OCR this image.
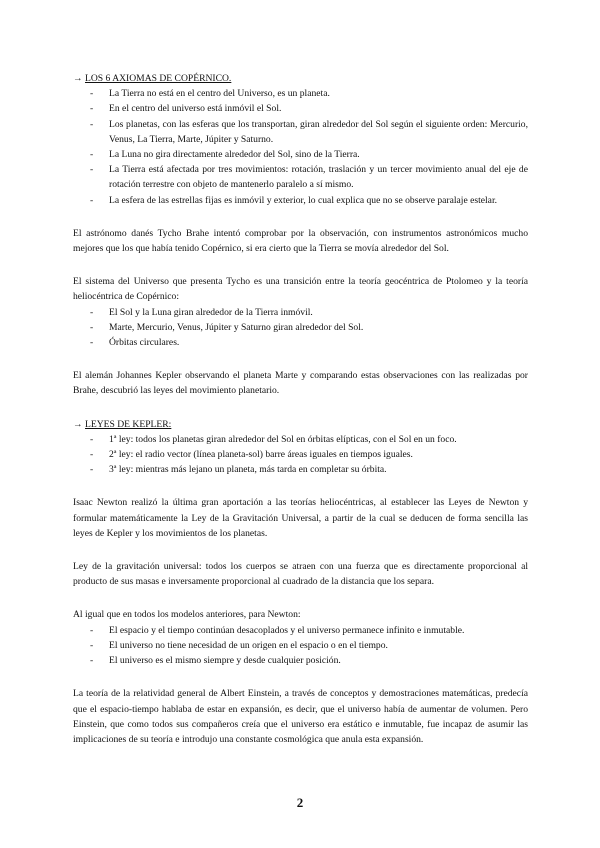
→ LOS 6 AXIOMAS DE COPÉRNICO.
- La Tierra no está en el centro del Universo, es un planeta.
- En el centro del universo está inmóvil el Sol.
- Los planetas, con las esferas que los transportan, giran alrededor del Sol según el siguiente orden: Mercurio, Venus, La Tierra, Marte, Júpiter y Saturno.
- La Luna no gira directamente alrededor del Sol, sino de la Tierra.
- La Tierra está afectada por tres movimientos: rotación, traslación y un tercer movimiento anual del eje de rotación terrestre con objeto de mantenerlo paralelo a sí mismo.
- La esfera de las estrellas fijas es inmóvil y exterior, lo cual explica que no se observe paralaje estelar.

El astrónomo danés Tycho Brahe intentó comprobar por la observación, con instrumentos astronómicos mucho mejores que los que había tenido Copérnico, si era cierto que la Tierra se movía alrededor del Sol.

El sistema del Universo que presenta Tycho es una transición entre la teoría geocéntrica de Ptolomeo y la teoría heliocéntrica de Copérnico:

- El Sol y la Luna giran alrededor de la Tierra inmóvil.
- Marte, Mercurio, Venus, Júpiter y Saturno giran alrededor del Sol.
- Órbitas circulares.

El alemán Johannes Kepler observando el planeta Marte y comparando estas observaciones con las realizadas por Brahe, descubrió las leyes del movimiento planetario.

→ LEYES DE KEPLER:
- 1ª ley: todos los planetas giran alrededor del Sol en órbitas elípticas, con el Sol en un foco.
- 2ª ley: el radio vector (línea planeta-sol) barre áreas iguales en tiempos iguales.
- 3ª ley: mientras más lejano un planeta, más tarda en completar su órbita.

Isaac Newton realizó la última gran aportación a las teorías heliocéntricas, al establecer las Leyes de Newton y formular matemáticamente la Ley de la Gravitación Universal, a partir de la cual se deducen de forma sencilla las leyes de Kepler y los movimientos de los planetas.

Ley de la gravitación universal: todos los cuerpos se atraen con una fuerza que es directamente proporcional al producto de sus masas e inversamente proporcional al cuadrado de la distancia que los separa.

Al igual que en todos los modelos anteriores, para Newton:

- El espacio y el tiempo continúan desacoplados y el universo permanece infinito e inmutable.
- El universo no tiene necesidad de un origen en el espacio o en el tiempo.
- El universo es el mismo siempre y desde cualquier posición.

La teoría de la relatividad general de Albert Einstein, a través de conceptos y demostraciones matemáticas, predecía que el espacio-tiempo hablaba de estar en expansión, es decir, que el universo había de aumentar de volumen. Pero Einstein, que como todos sus compañeros creía que el universo era estático e inmutable, fue incapaz de asumir las implicaciones de su teoría e introdujo una constante cosmológica que anula esta expansión.

2
